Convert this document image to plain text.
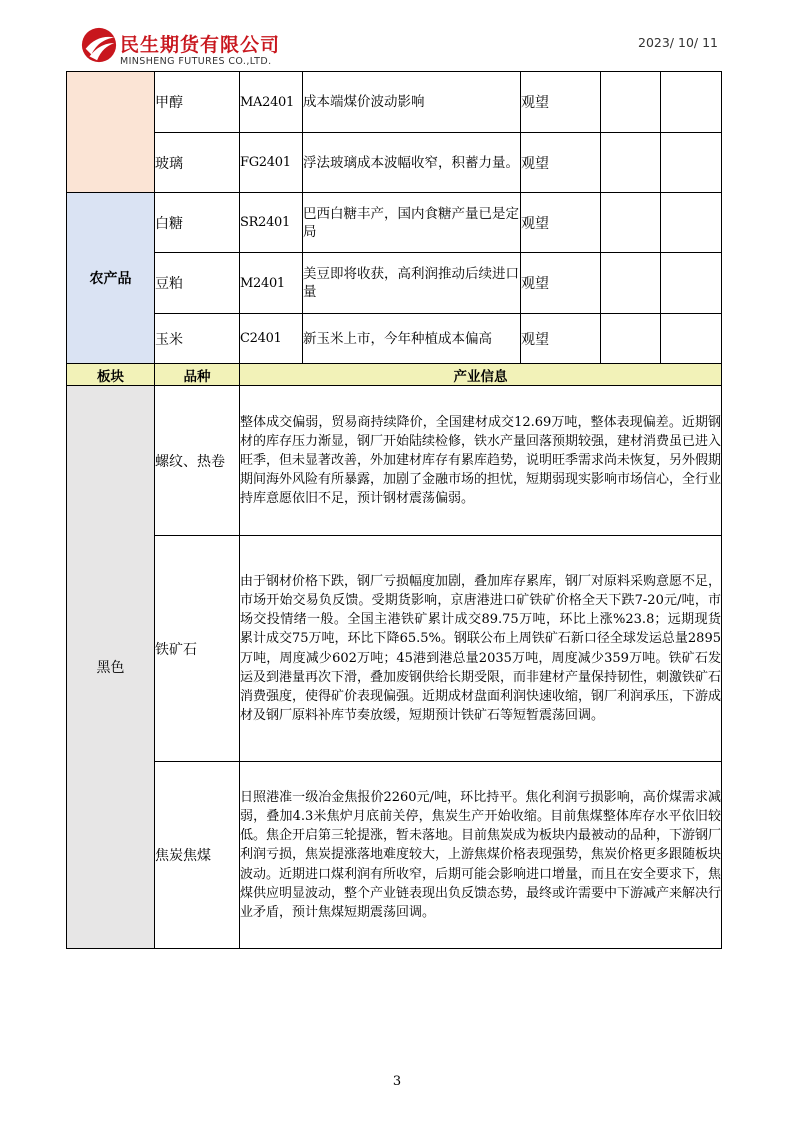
民生期货有限公司
MINSHENG FUTURES CO.,LTD.
2023/ 10/ 11
	甲醇	MA2401	成本端煤价波动影响	观望		
	玻璃	FG2401	浮法玻璃成本波幅收窄，积蓄力量。	观望		
农产品	白糖	SR2401	巴西白糖丰产，国内食糖产量已是定局	观望		
	豆粕	M2401	美豆即将收获，高利润推动后续进口量	观望		
	玉米	C2401	新玉米上市，今年种植成本偏高	观望		
板块	品种	产业信息				
黑色	螺纹、热卷	整体成交偏弱，贸易商持续降价，全国建材成交12.69万吨，整体表现偏差。近期钢材的库存压力渐显，钢厂开始陆续检修，铁水产量回落预期较强，建材消费虽已进入旺季，但未显著改善，外加建材库存有累库趋势，说明旺季需求尚未恢复，另外假期期间海外风险有所暴露，加剧了金融市场的担忧，短期弱现实影响市场信心，全行业持库意愿依旧不足，预计钢材震荡偏弱。				
	铁矿石	由于钢材价格下跌，钢厂亏损幅度加剧，叠加库存累库，钢厂对原料采购意愿不足，市场开始交易负反馈。受期货影响，京唐港进口矿铁矿价格全天下跌7-20元/吨，市场交投情绪一般。全国主港铁矿累计成交89.75万吨，环比上涨%23.8；远期现货累计成交75万吨，环比下降65.5%。钢联公布上周铁矿石新口径全球发运总量2895万吨，周度减少602万吨；45港到港总量2035万吨，周度减少359万吨。铁矿石发运及到港量再次下滑，叠加废钢供给长期受限，而非建材产量保持韧性，刺激铁矿石消费强度，使得矿价表现偏强。近期成材盘面利润快速收缩，钢厂利润承压，下游成材及钢厂原料补库节奏放缓，短期预计铁矿石等短暂震荡回调。				
	焦炭焦煤	日照港准一级冶金焦报价2260元/吨，环比持平。焦化利润亏损影响，高价煤需求减弱，叠加4.3米焦炉月底前关停，焦炭生产开始收缩。目前焦煤整体库存水平依旧较低。焦企开启第三轮提涨，暂未落地。目前焦炭成为板块内最被动的品种，下游钢厂利润亏损，焦炭提涨落地难度较大，上游焦煤价格表现强势，焦炭价格更多跟随板块波动。近期进口煤利润有所收窄，后期可能会影响进口增量，而且在安全要求下，焦煤供应明显波动，整个产业链表现出负反馈态势，最终或许需要中下游减产来解决行业矛盾，预计焦煤短期震荡回调。				
3
